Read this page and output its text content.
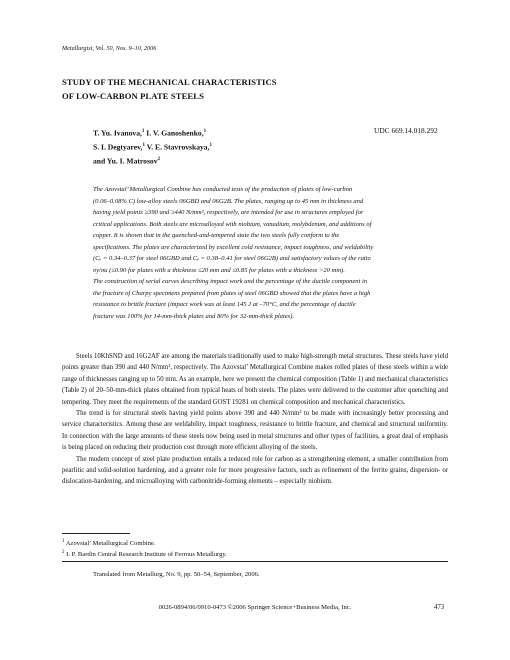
Metallurgist, Vol. 50, Nos. 9–10, 2006
STUDY OF THE MECHANICAL CHARACTERISTICS
OF LOW-CARBON PLATE STEELS
T. Yu. Ivanova,$^1$ I. V. Ganoshenko,$^1$
S. I. Degtyarev,$^1$ V. E. Stavrovskaya,$^1$
and Yu. I. Matrosov$^2$
UDC 669.14.018.292

The Azovstal’ Metallurgical Combine has conducted tests of the production of plates of low-carbon

(0.06–0.08% C) low-alloy steels 06GBD and 06G2B. The plates, ranging up to 45 mm in thickness and

having yield points ≥390 and ≥440 N/mm², respectively, are intended for use in structures employed for

critical applications. Both steels are microalloyed with niobium, vanadium, molybdenum, and additions of

copper. It is shown that in the quenched-and-tempered state the two steels fully conform to the

specifications. The plates are characterized by excellent cold resistance, impact toughness, and weldability

(Cₑ = 0.34–0.37 for steel 06GBD and Cₑ = 0.38–0.41 for steel 06G2B) and satisfactory values of the ratio

σy/σu (≤0.90 for plates with a thickness ≤20 mm and ≤0.85 for plates with a thickness >20 mm).

The construction of serial curves describing impact work and the percentage of the ductile component in

the fracture of Charpy specimens prepared from plates of steel 06GBD showed that the plates have a high

resistance to brittle fracture (impact work was at least 145 J at –70°C, and the percentage of ductile

fracture was 100% for 14-mm-thick plates and 80% for 32-mm-thick plates).

Steels 10KhSND and 16G2AF are among the materials traditionally used to make high-strength metal structures. These steels have yield points greater than 390 and 440 N/mm², respectively. The Azovstal’ Metallurgical Combine makes rolled plates of these steels within a wide range of thicknesses ranging up to 50 mm. As an example, here we present the chemical composition (Table 1) and mechanical characteristics (Table 2) of 20–50-mm-thick plates obtained from typical heats of both steels. The plates were delivered to the customer after quenching and tempering. They meet the requirements of the standard GOST 19281 on chemical composition and mechanical characteristics.

The trend is for structural steels having yield points above 390 and 440 N/mm² to be made with increasingly better processing and service characteristics. Among these are weldability, impact toughness, resistance to brittle fracture, and chemical and structural uniformity. In connection with the large amounts of these steels now being used in metal structures and other types of facilities, a great deal of emphasis is being placed on reducing their production cost through more efficient alloying of the steels.

The modern concept of steel plate production entails a reduced role for carbon as a strengthening element, a smaller contribution from pearlitic and solid-solution hardening, and a greater role for more progressive factors, such as refinement of the ferrite grains, dispersion- or dislocation-hardening, and microalloying with carbonitride-forming elements – especially niobium.

$^1$ Azovstal’ Metallurgical Combine.
$^2$ I. P. Bardin Central Research Institute of Ferrous Metallurgy.
Translated from Metallurg, No. 9, pp. 50–54, September, 2006.
0026-0894/06/0910-0473 ©2006 Springer Science+Business Media, Inc.	473
